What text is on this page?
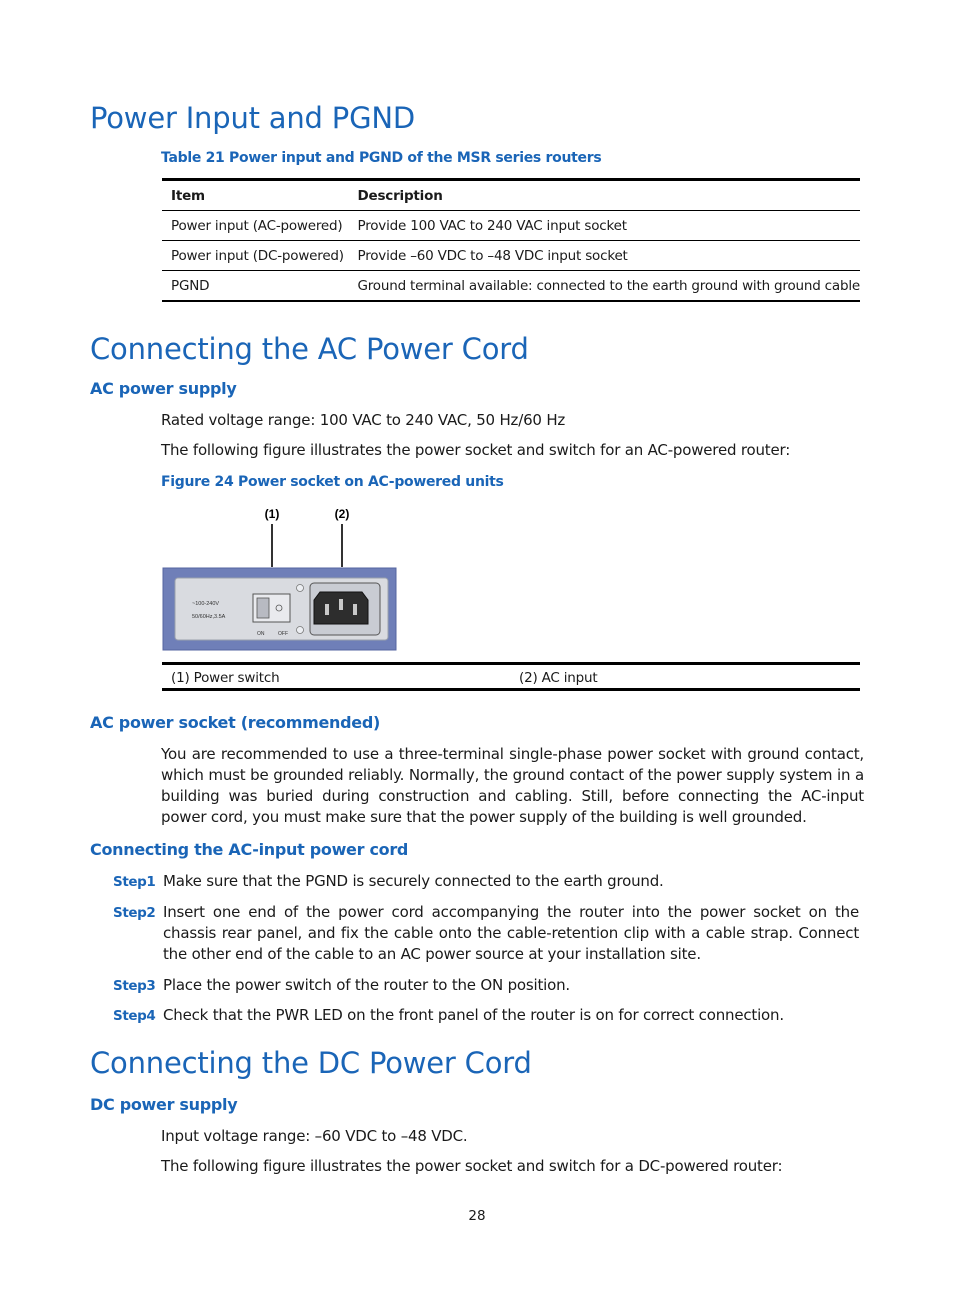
Power Input and PGND
Table 21 Power input and PGND of the MSR series routers
Item	Description
Power input (AC-powered)	Provide 100 VAC to 240 VAC input socket
Power input (DC-powered)	Provide –60 VDC to –48 VDC input socket
PGND	Ground terminal available: connected to the earth ground with ground cable
Connecting the AC Power Cord
AC power supply
Rated voltage range: 100 VAC to 240 VAC, 50 Hz/60 Hz
The following figure illustrates the power socket and switch for an AC-powered router:
Figure 24 Power socket on AC-powered units
(1)	(2)
~100-240V
50/60Hz,3.5A
ON	OFF
(1) Power switch	(2) AC input
AC power socket (recommended)
You are recommended to use a three-terminal single-phase power socket with ground contact, which must be grounded reliably. Normally, the ground contact of the power supply system in a building was buried during construction and cabling. Still, before connecting the AC-input power cord, you must make sure that the power supply of the building is well grounded.
Connecting the AC-input power cord
Step1 Make sure that the PGND is securely connected to the earth ground.
Step2 Insert one end of the power cord accompanying the router into the power socket on the chassis rear panel, and fix the cable onto the cable-retention clip with a cable strap. Connect the other end of the cable to an AC power source at your installation site.
Step3 Place the power switch of the router to the ON position.
Step4 Check that the PWR LED on the front panel of the router is on for correct connection.
Connecting the DC Power Cord
DC power supply
Input voltage range: –60 VDC to –48 VDC.
The following figure illustrates the power socket and switch for a DC-powered router:
28
